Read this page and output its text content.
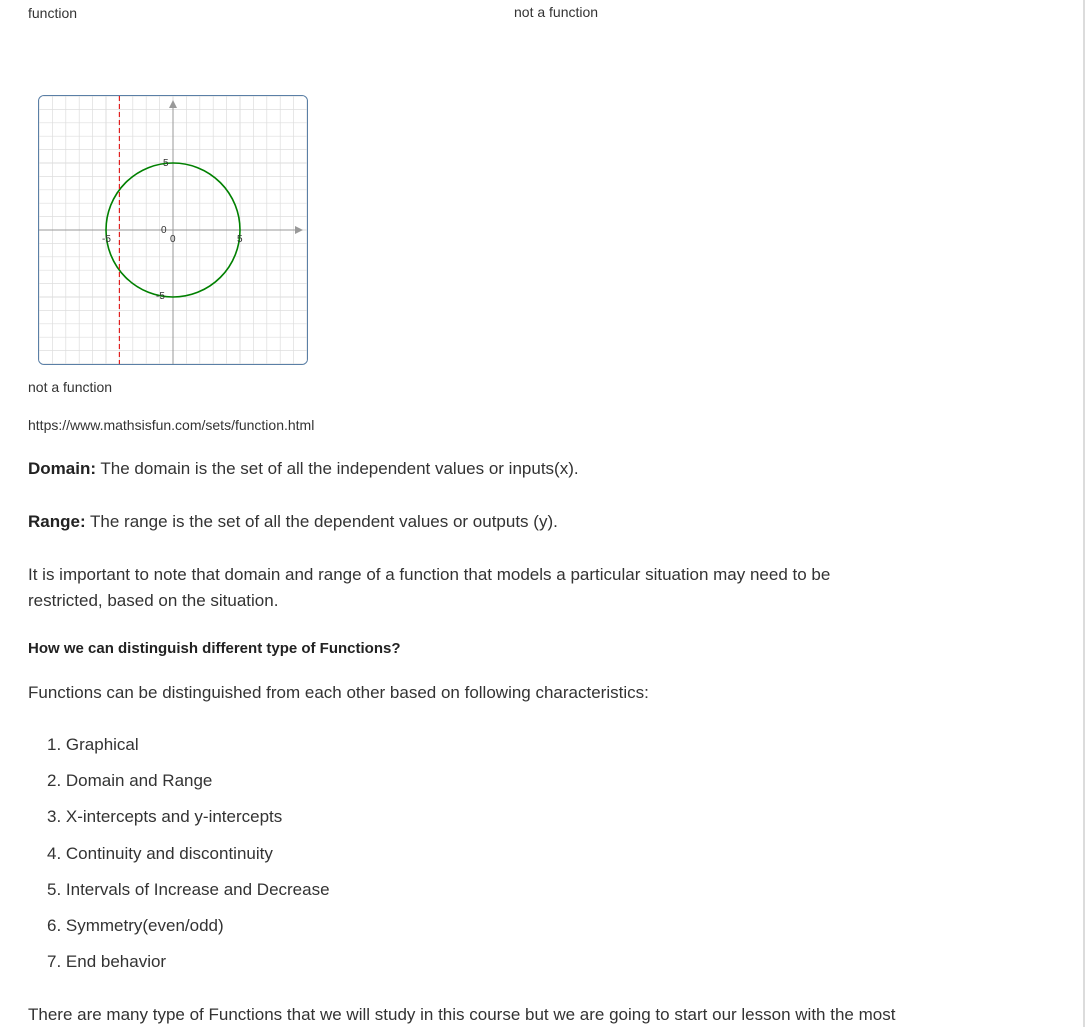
function	not a function
-5	0	5
5
0
-5
not a function
https://www.mathsisfun.com/sets/function.html
Domain: The domain is the set of all the independent values or inputs(x).
Range: The range is the set of all the dependent values or outputs (y).
It is important to note that domain and range of a function that models a particular situation may need to be restricted, based on the situation.
How we can distinguish different type of Functions?
Functions can be distinguished from each other based on following characteristics:
1. Graphical
2. Domain and Range
3. X-intercepts and y-intercepts
4. Continuity and discontinuity
5. Intervals of Increase and Decrease
6. Symmetry(even/odd)
7. End behavior
There are many type of Functions that we will study in this course but we are going to start our lesson with the most
